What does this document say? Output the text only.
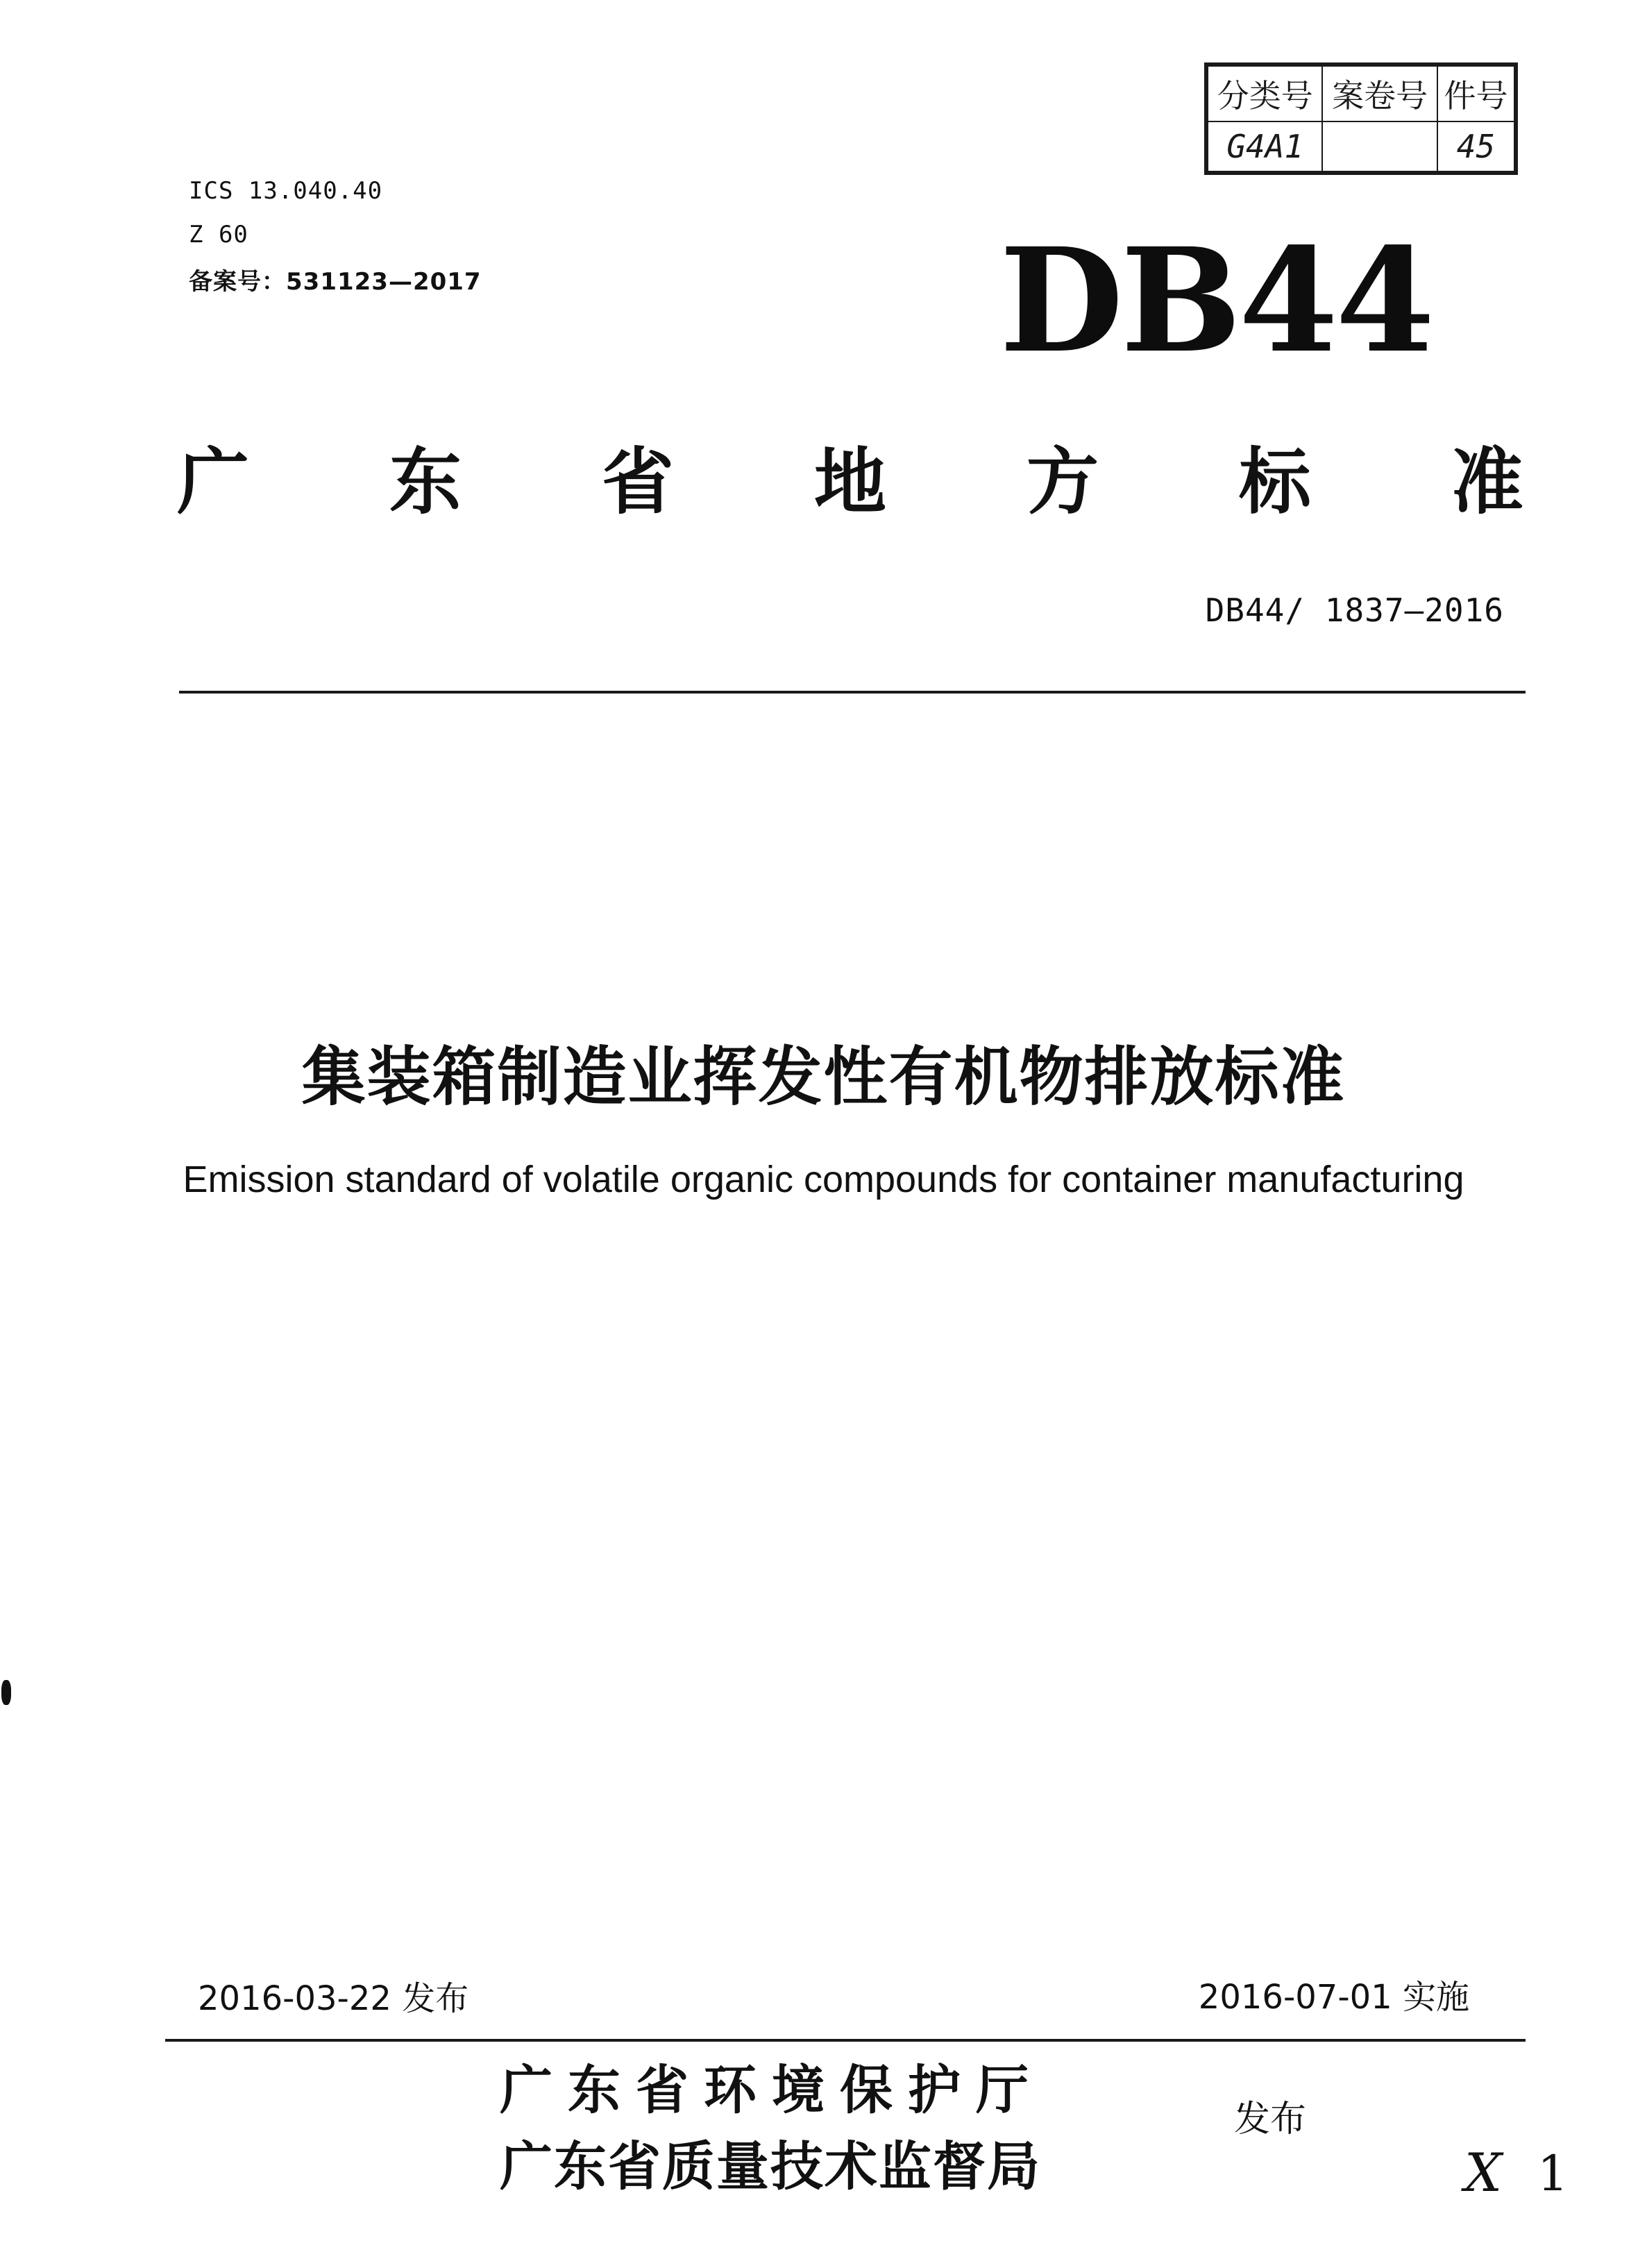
分类号	案卷号	件号
G4A1		45
ICS 13.040.40
Z 60
备案号：531123—2017	DB44
广 东 省 地 方 标 准
DB44/ 1837—2016
集装箱制造业挥发性有机物排放标准
Emission standard of volatile organic compounds for container manufacturing
2016-03-22 发布	2016-07-01 实施
广东省环境保护厅
广东省质量技术监督局
发布
Ⅹ 1
